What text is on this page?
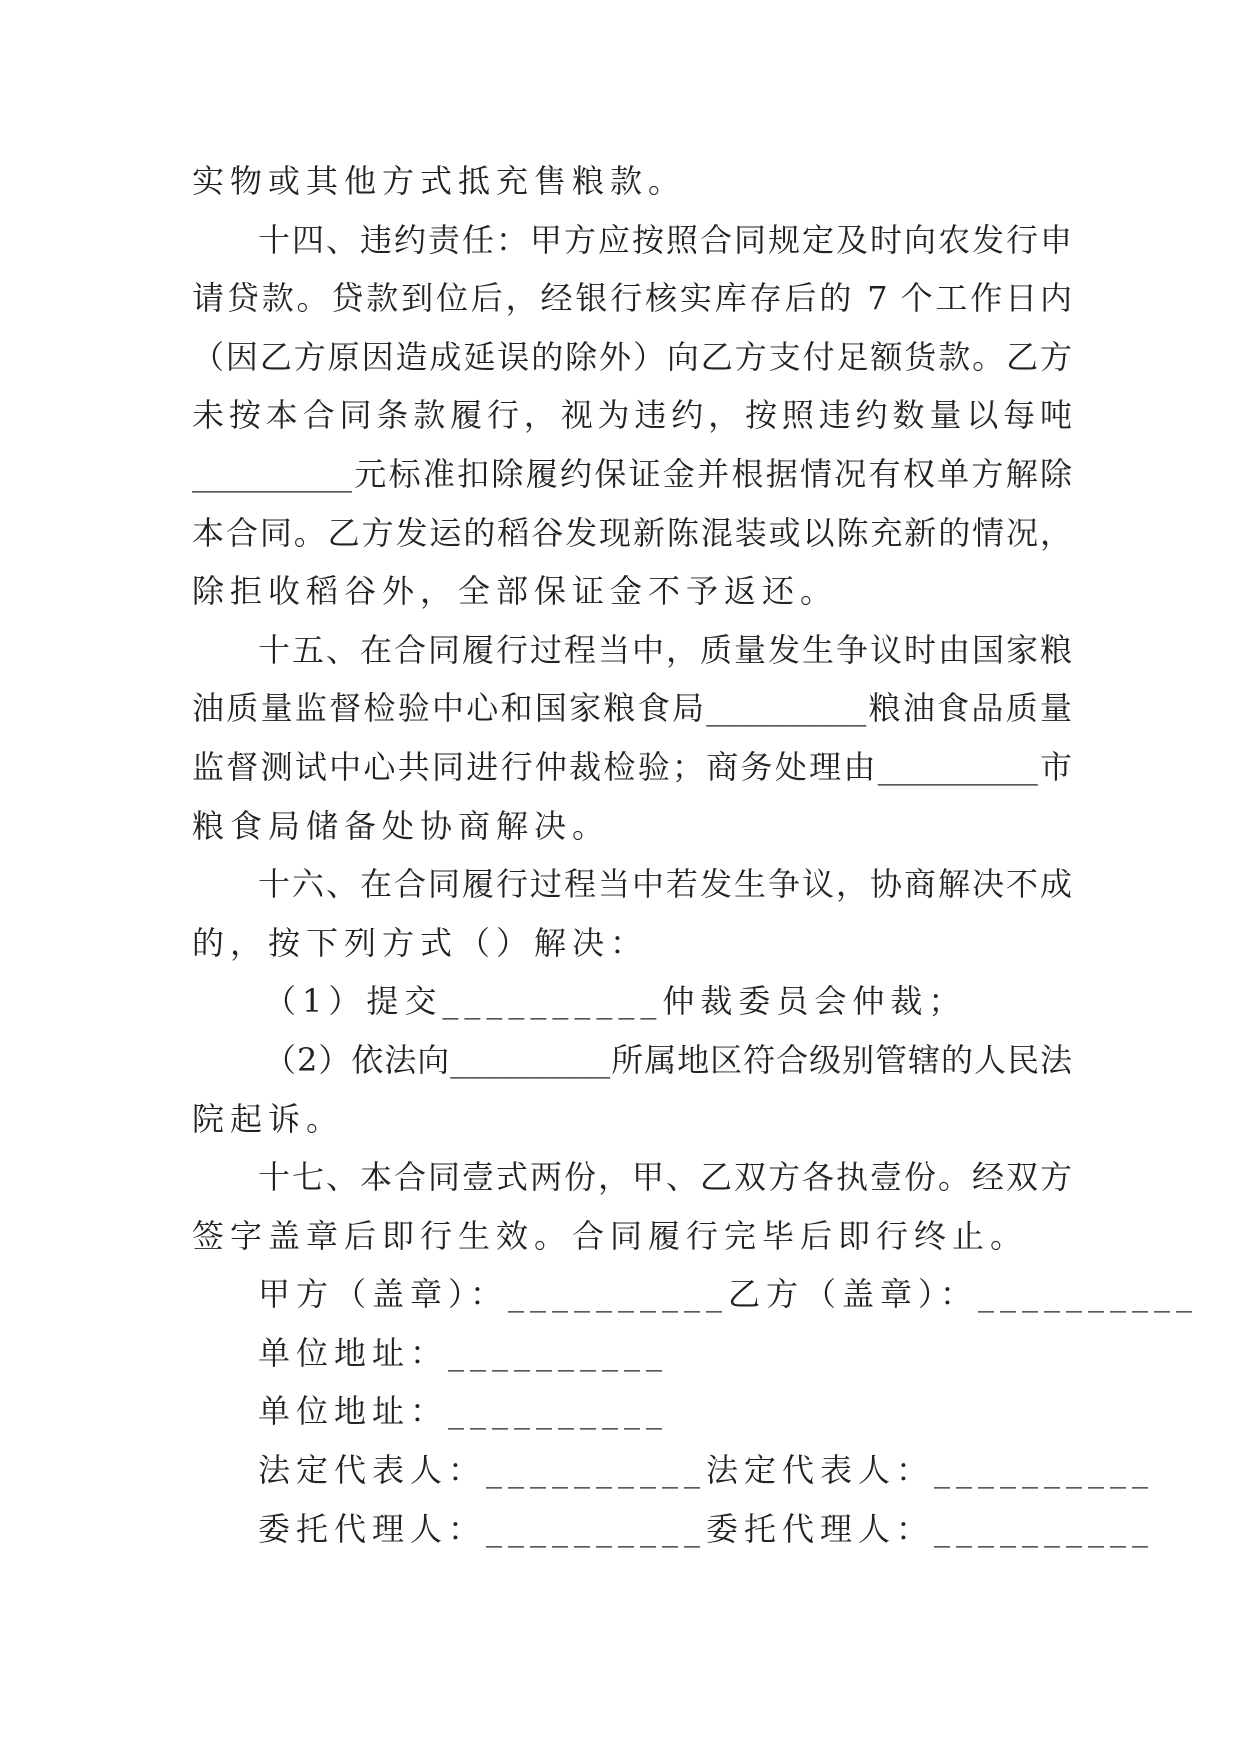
实物或其他方式抵充售粮款。
十四、违约责任：甲方应按照合同规定及时向农发行申
请贷款。贷款到位后，经银行核实库存后的 7 个工作日内
（因乙方原因造成延误的除外）向乙方支付足额货款。乙方
未按本合同条款履行，视为违约，按照违约数量以每吨
__________元标准扣除履约保证金并根据情况有权单方解除
本合同。乙方发运的稻谷发现新陈混装或以陈充新的情况，
除拒收稻谷外，全部保证金不予返还。
十五、在合同履行过程当中，质量发生争议时由国家粮
油质量监督检验中心和国家粮食局__________粮油食品质量
监督测试中心共同进行仲裁检验；商务处理由__________市
粮食局储备处协商解决。
十六、在合同履行过程当中若发生争议，协商解决不成
的，按下列方式（）解决：
（1）提交__________仲裁委员会仲裁；
（2）依法向__________所属地区符合级别管辖的人民法
院起诉。
十七、本合同壹式两份，甲、乙双方各执壹份。经双方
签字盖章后即行生效。合同履行完毕后即行终止。
甲方（盖章）：__________乙方（盖章）：__________
单位地址：__________
单位地址：__________
法定代表人：__________法定代表人：__________
委托代理人：__________委托代理人：__________
